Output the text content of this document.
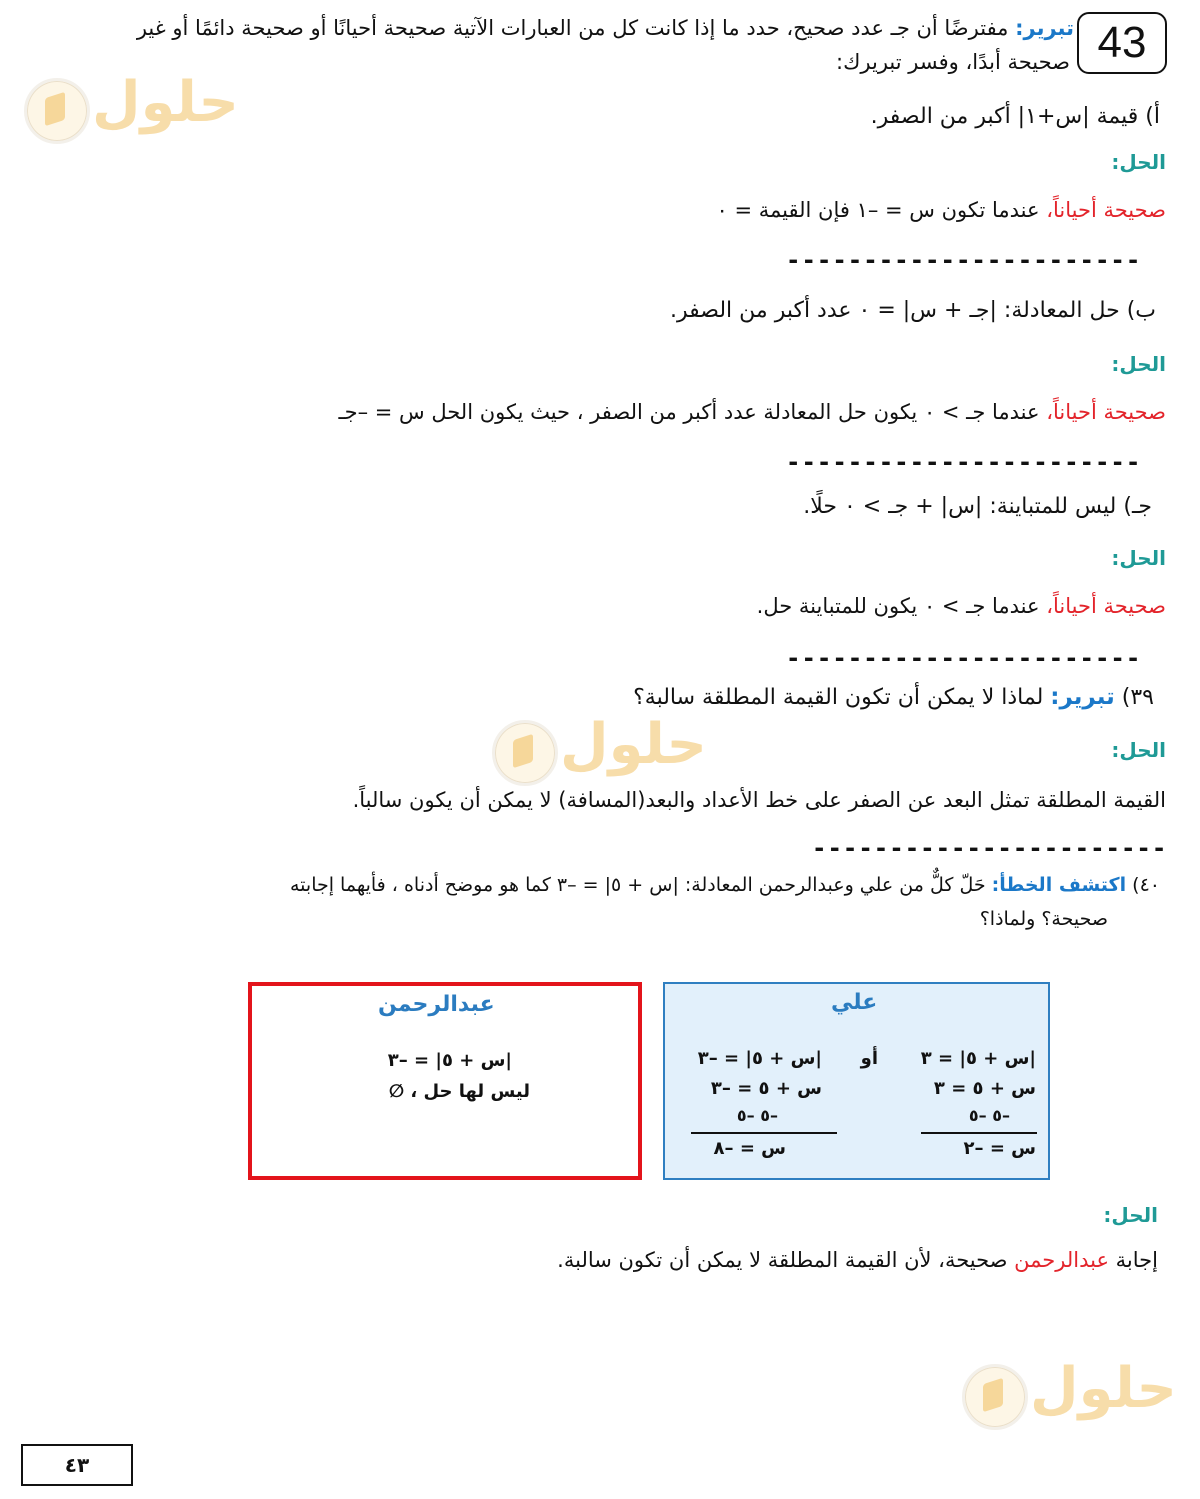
43
تبرير: مفترضًا أن جـ عدد صحيح، حدد ما إذا كانت كل من العبارات الآتية صحيحة أحيانًا أو صحيحة دائمًا أو غير
صحيحة أبدًا، وفسر تبريرك:
حلول
حلول
حلول
أ) قيمة |س+١| أكبر من الصفر.
الحل:
صحيحة أحياناً، عندما تكون س = –١ فإن القيمة = ٠
-----------------------
ب) حل المعادلة: |جـ + س| = ٠ عدد أكبر من الصفر.
الحل:
صحيحة أحياناً، عندما جـ > ٠ يكون حل المعادلة عدد أكبر من الصفر ، حيث يكون الحل س = –جـ
-----------------------
جـ) ليس للمتباينة: |س| + جـ > ٠ حلًا.
الحل:
صحيحة أحياناً، عندما جـ > ٠ يكون للمتباينة حل.
-----------------------
٣٩) تبرير: لماذا لا يمكن أن تكون القيمة المطلقة سالبة؟
الحل:
القيمة المطلقة تمثل البعد عن الصفر على خط الأعداد والبعد(المسافة) لا يمكن أن يكون سالباً.
-----------------------
٤٠) اكتشف الخطأ: حَلّ كلٌّ من علي وعبدالرحمن المعادلة: |س + ٥| = –٣ كما هو موضح أدناه ، فأيهما إجابته
صحيحة؟ ولماذا؟
عبدالرحمن
|س + ٥| = –٣
ليس لها حل ، ∅
علي
|س + ٥| = ٣
س + ٥ = ٣
–٥ –٥
س = –٢
أو
|س + ٥| = –٣
س + ٥ = –٣
–٥ –٥
س = –٨
الحل:
إجابة عبدالرحمن صحيحة، لأن القيمة المطلقة لا يمكن أن تكون سالبة.
٤٣
